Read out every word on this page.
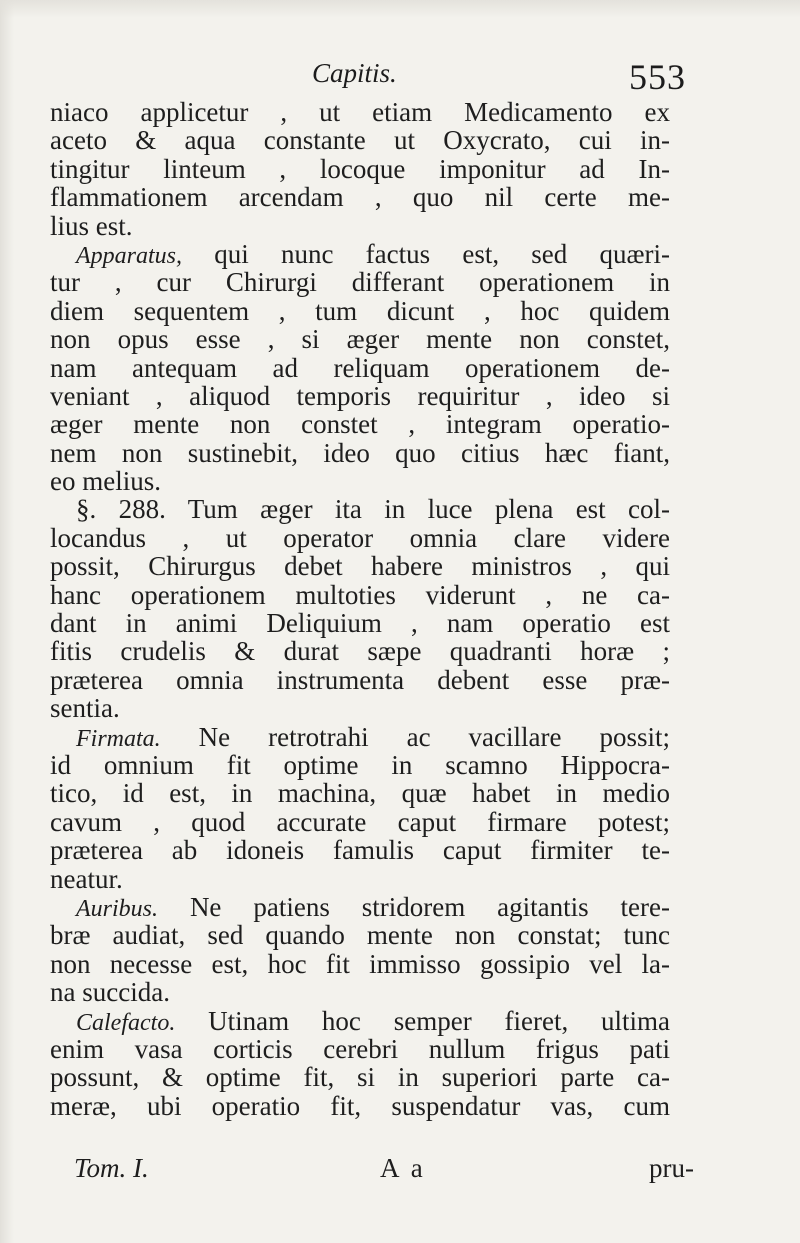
Capitis.	553
niaco applicetur , ut etiam Medicamento ex
aceto & aqua constante ut Oxycrato, cui in-
tingitur linteum , locoque imponitur ad In-
flammationem arcendam , quo nil certe me-
lius est.
Apparatus, qui nunc factus est, sed quæri-
tur , cur Chirurgi differant operationem in
diem sequentem , tum dicunt , hoc quidem
non opus esse , si æger mente non constet,
nam antequam ad reliquam operationem de-
veniant , aliquod temporis requiritur , ideo si
æger mente non constet , integram operatio-
nem non sustinebit, ideo quo citius hæc fiant,
eo melius.
§. 288. Tum æger ita in luce plena est col-
locandus , ut operator omnia clare videre
possit, Chirurgus debet habere ministros , qui
hanc operationem multoties viderunt , ne ca-
dant in animi Deliquium , nam operatio est
fitis crudelis & durat sæpe quadranti horæ ;
præterea omnia instrumenta debent esse præ-
sentia.
Firmata. Ne retrotrahi ac vacillare possit;
id omnium fit optime in scamno Hippocra-
tico, id est, in machina, quæ habet in medio
cavum , quod accurate caput firmare potest;
præterea ab idoneis famulis caput firmiter te-
neatur.
Auribus. Ne patiens stridorem agitantis tere-
bræ audiat, sed quando mente non constat; tunc
non necesse est, hoc fit immisso gossipio vel la-
na succida.
Calefacto. Utinam hoc semper fieret, ultima
enim vasa corticis cerebri nullum frigus pati
possunt, & optime fit, si in superiori parte ca-
meræ, ubi operatio fit, suspendatur vas, cum
Tom. I.	A a	pru-
